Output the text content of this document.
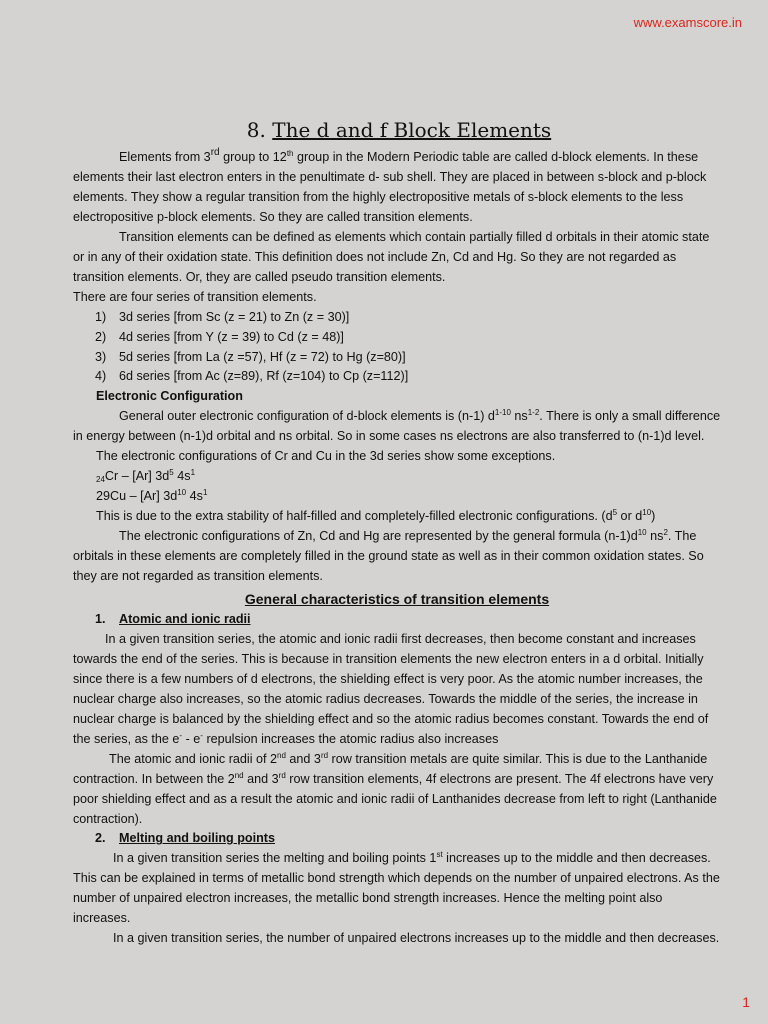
www.examscore.in
8. The d and f Block Elements

Elements from 3rd group to 12th group in the Modern Periodic table are called d-block elements. In these elements their last electron enters in the penultimate d- sub shell. They are placed in between s-block and p-block elements. They show a regular transition from the highly electropositive metals of s-block elements to the less electropositive p-block elements. So they are called transition elements.

Transition elements can be defined as elements which contain partially filled d orbitals in their atomic state or in any of their oxidation state. This definition does not include Zn, Cd and Hg. So they are not regarded as transition elements. Or, they are called pseudo transition elements.

There are four series of transition elements.

1)	3d series [from Sc (z = 21) to Zn (z = 30)]
2)	4d series [from Y (z = 39) to Cd (z = 48)]
3)	5d series [from La (z =57), Hf (z = 72) to Hg (z=80)]
4)	6d series [from Ac (z=89), Rf (z=104) to Cp (z=112)]

Electronic Configuration

General outer electronic configuration of d-block elements is (n-1) $d^{1-10}$ $ns^{1-2}$. There is only a small difference in energy between (n-1)d orbital and ns orbital. So in some cases ns electrons are also transferred to (n-1)d level.

The electronic configurations of Cr and Cu in the 3d series show some exceptions.

$_{24}$Cr – [Ar] $3d^5$ $4s^1$

29Cu – [Ar] $3d^{10}$ $4s^1$

This is due to the extra stability of half-filled and completely-filled electronic configurations. ($d^5$ or $d^{10}$)

The electronic configurations of Zn, Cd and Hg are represented by the general formula $(n-1)d^{10}$ $ns^2$. The orbitals in these elements are completely filled in the ground state as well as in their common oxidation states. So they are not regarded as transition elements.

General characteristics of transition elements

1. Atomic and ionic radii

In a given transition series, the atomic and ionic radii first decreases, then become constant and increases towards the end of the series. This is because in transition elements the new electron enters in a d orbital. Initially since there is a few numbers of d electrons, the shielding effect is very poor. As the atomic number increases, the nuclear charge also increases, so the atomic radius decreases. Towards the middle of the series, the increase in nuclear charge is balanced by the shielding effect and so the atomic radius becomes constant. Towards the end of the series, as the e- - e- repulsion increases the atomic radius also increases

The atomic and ionic radii of 2nd and 3rd row transition metals are quite similar. This is due to the Lanthanide contraction. In between the 2nd and 3rd row transition elements, 4f electrons are present. The 4f electrons have very poor shielding effect and as a result the atomic and ionic radii of Lanthanides decrease from left to right (Lanthanide contraction).

2. Melting and boiling points

In a given transition series the melting and boiling points 1st increases up to the middle and then decreases. This can be explained in terms of metallic bond strength which depends on the number of unpaired electrons. As the number of unpaired electron increases, the metallic bond strength increases. Hence the melting point also increases.

In a given transition series, the number of unpaired electrons increases up to the middle and then decreases.

1
